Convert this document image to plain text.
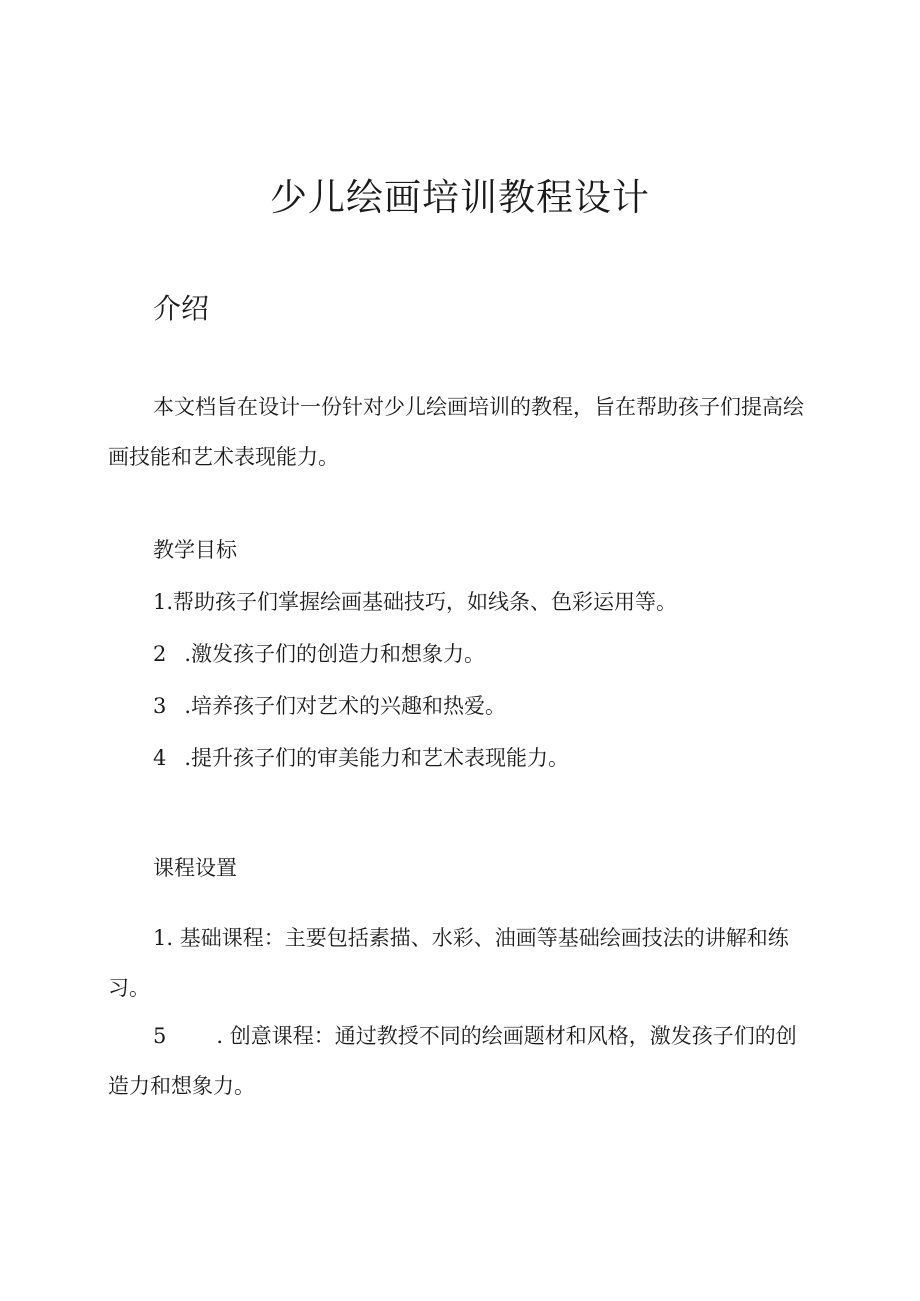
少儿绘画培训教程设计
介绍

本文档旨在设计一份针对少儿绘画培训的教程，旨在帮助孩子们提高绘画技能和艺术表现能力。

教学目标

1.帮助孩子们掌握绘画基础技巧，如线条、色彩运用等。

2 .激发孩子们的创造力和想象力。

3 .培养孩子们对艺术的兴趣和热爱。

4 .提升孩子们的审美能力和艺术表现能力。

课程设置

1. 基础课程：主要包括素描、水彩、油画等基础绘画技法的讲解和练习。

5 . 创意课程：通过教授不同的绘画题材和风格，激发孩子们的创造力和想象力。
